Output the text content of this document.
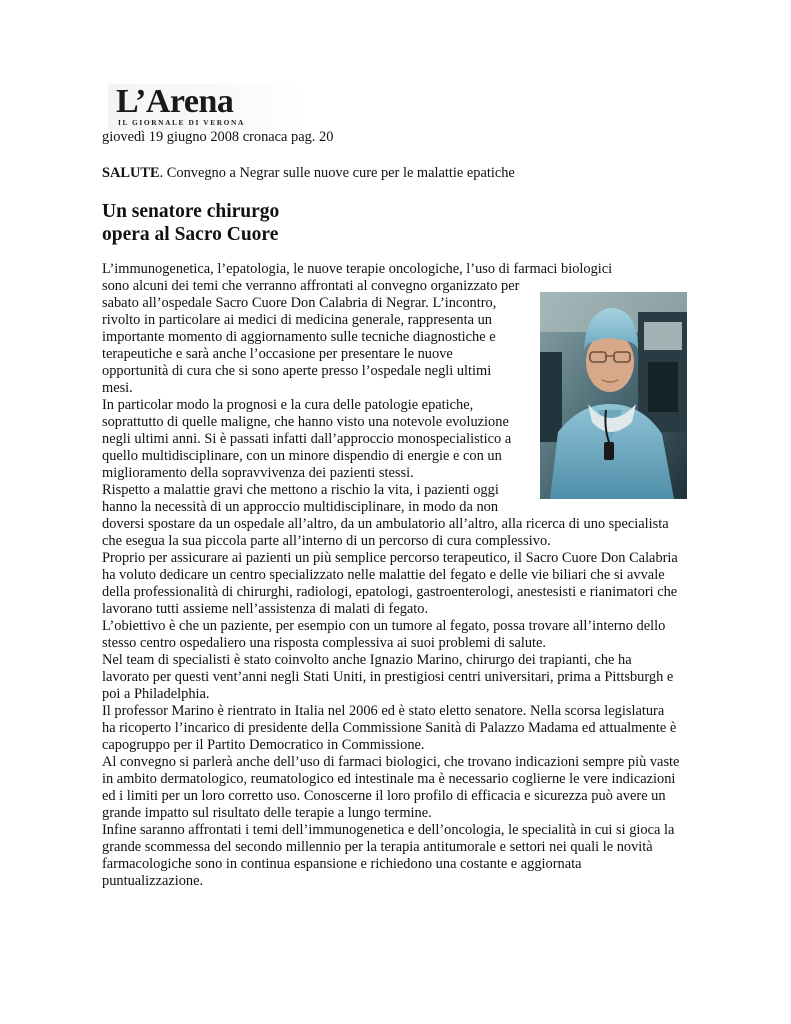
L’Arena
IL GIORNALE DI VERONA
giovedì 19 giugno 2008 cronaca pag. 20
SALUTE. Convegno a Negrar sulle nuove cure per le malattie epatiche
Un senatore chirurgo
opera al Sacro Cuore
L’immunogenetica, l’epatologia, le nuove terapie oncologiche, l’uso di farmaci biologici
sono alcuni dei temi che verranno affrontati al convegno organizzato per
sabato all’ospedale Sacro Cuore Don Calabria di Negrar. L’incontro,
rivolto in particolare ai medici di medicina generale, rappresenta un
importante momento di aggiornamento sulle tecniche diagnostiche e
terapeutiche e sarà anche l’occasione per presentare le nuove
opportunità di cura che si sono aperte presso l’ospedale negli ultimi
mesi.
In particolar modo la prognosi e la cura delle patologie epatiche,
soprattutto di quelle maligne, che hanno visto una notevole evoluzione
negli ultimi anni. Si è passati infatti dall’approccio monospecialistico a
quello multidisciplinare, con un minore dispendio di energie e con un
miglioramento della sopravvivenza dei pazienti stessi.
Rispetto a malattie gravi che mettono a rischio la vita, i pazienti oggi
hanno la necessità di un approccio multidisciplinare, in modo da non
doversi spostare da un ospedale all’altro, da un ambulatorio all’altro, alla ricerca di uno specialista
che esegua la sua piccola parte all’interno di un percorso di cura complessivo.
Proprio per assicurare ai pazienti un più semplice percorso terapeutico, il Sacro Cuore Don Calabria
ha voluto dedicare un centro specializzato nelle malattie del fegato e delle vie biliari che si avvale
della professionalità di chirurghi, radiologi, epatologi, gastroenterologi, anestesisti e rianimatori che
lavorano tutti assieme nell’assistenza di malati di fegato.
L’obiettivo è che un paziente, per esempio con un tumore al fegato, possa trovare all’interno dello
stesso centro ospedaliero una risposta complessiva ai suoi problemi di salute.
Nel team di specialisti è stato coinvolto anche Ignazio Marino, chirurgo dei trapianti, che ha
lavorato per questi vent’anni negli Stati Uniti, in prestigiosi centri universitari, prima a Pittsburgh e
poi a Philadelphia.
Il professor Marino è rientrato in Italia nel 2006 ed è stato eletto senatore. Nella scorsa legislatura
ha ricoperto l’incarico di presidente della Commissione Sanità di Palazzo Madama ed attualmente è
capogruppo per il Partito Democratico in Commissione.
Al convegno si parlerà anche dell’uso di farmaci biologici, che trovano indicazioni sempre più vaste
in ambito dermatologico, reumatologico ed intestinale ma è necessario coglierne le vere indicazioni
ed i limiti per un loro corretto uso. Conoscerne il loro profilo di efficacia e sicurezza può avere un
grande impatto sul risultato delle terapie a lungo termine.
Infine saranno affrontati i temi dell’immunogenetica e dell’oncologia, le specialità in cui si gioca la
grande scommessa del secondo millennio per la terapia antitumorale e settori nei quali le novità
farmacologiche sono in continua espansione e richiedono una costante e aggiornata
puntualizzazione.
